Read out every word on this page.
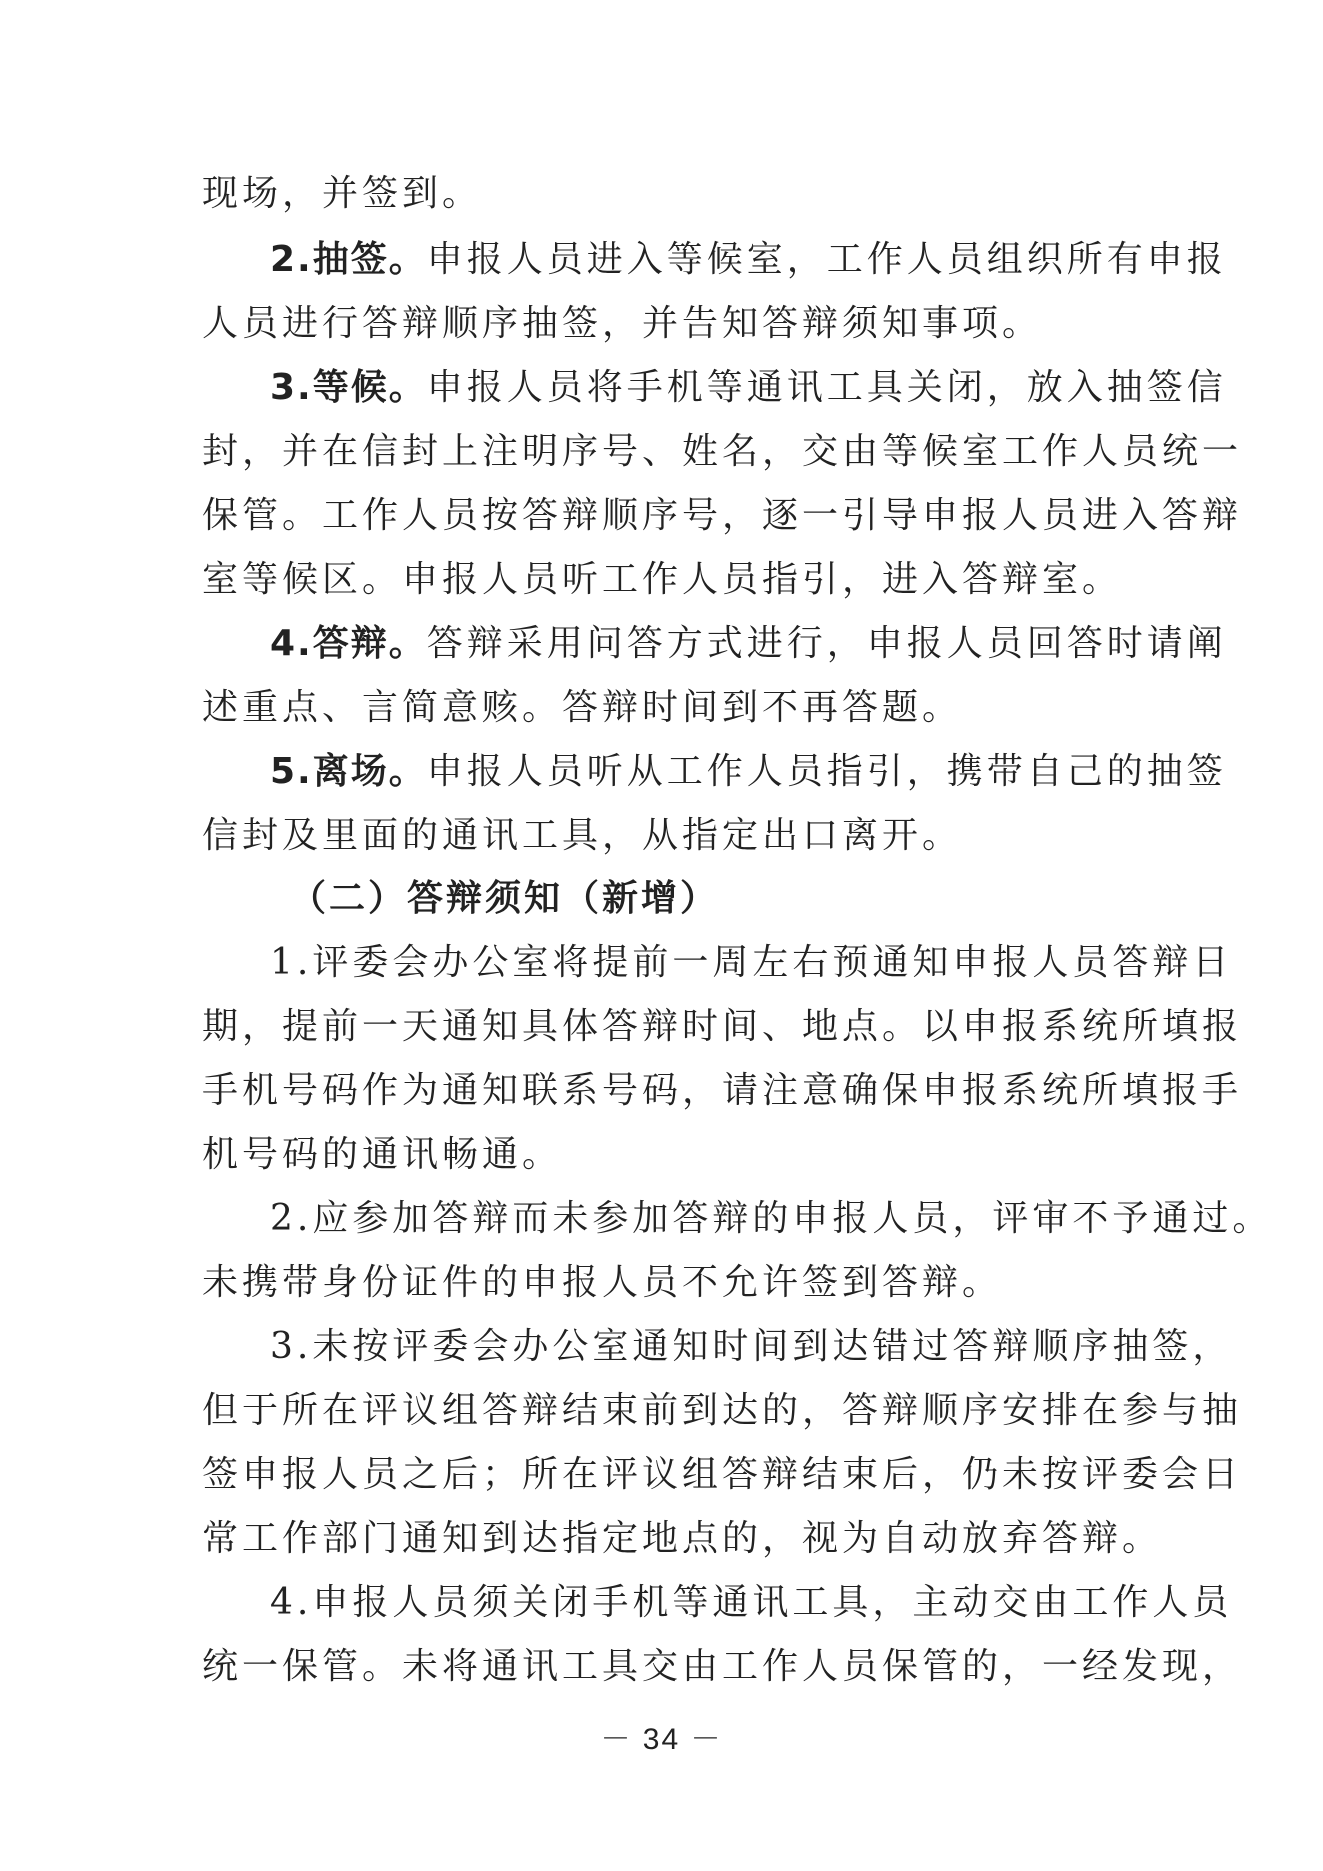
现场，并签到。
2.抽签。申报人员进入等候室，工作人员组织所有申报
人员进行答辩顺序抽签，并告知答辩须知事项。
3.等候。申报人员将手机等通讯工具关闭，放入抽签信
封，并在信封上注明序号、姓名，交由等候室工作人员统一
保管。工作人员按答辩顺序号，逐一引导申报人员进入答辩
室等候区。申报人员听工作人员指引，进入答辩室。
4.答辩。答辩采用问答方式进行，申报人员回答时请阐
述重点、言简意赅。答辩时间到不再答题。
5.离场。申报人员听从工作人员指引，携带自己的抽签
信封及里面的通讯工具，从指定出口离开。
（二）答辩须知（新增）
1.评委会办公室将提前一周左右预通知申报人员答辩日
期，提前一天通知具体答辩时间、地点。以申报系统所填报
手机号码作为通知联系号码，请注意确保申报系统所填报手
机号码的通讯畅通。
2.应参加答辩而未参加答辩的申报人员，评审不予通过。
未携带身份证件的申报人员不允许签到答辩。
3.未按评委会办公室通知时间到达错过答辩顺序抽签，
但于所在评议组答辩结束前到达的，答辩顺序安排在参与抽
签申报人员之后；所在评议组答辩结束后，仍未按评委会日
常工作部门通知到达指定地点的，视为自动放弃答辩。
4.申报人员须关闭手机等通讯工具，主动交由工作人员
统一保管。未将通讯工具交由工作人员保管的，一经发现，
－ 34 －
